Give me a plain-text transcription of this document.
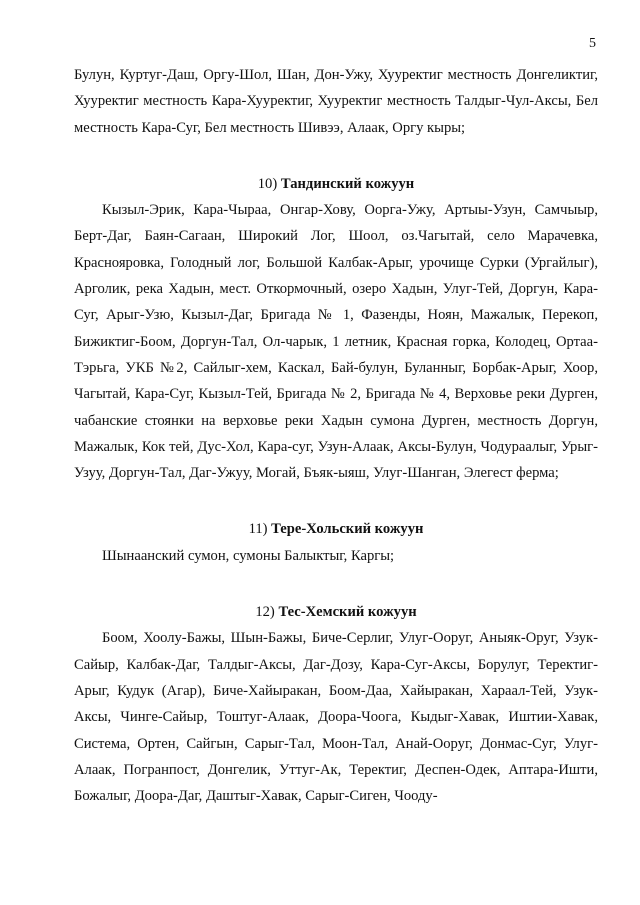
5

Булун, Куртуг-Даш, Оргу-Шол, Шан, Дон-Ужу, Хууректиг местность Донгеликтиг, Хууректиг местность Кара-Хууректиг, Хууректиг местность Талдыг-Чул-Аксы, Бел местность Кара-Суг, Бел местность Шивээ, Алаак, Оргу кыры;

10) Тандинский кожуун

Кызыл-Эрик, Кара-Чыраа, Онгар-Хову, Оорга-Ужу, Артыы-Узун, Самчыыр, Берт-Даг, Баян-Сагаан, Широкий Лог, Шоол, оз.Чагытай, село Марачевка, Краснояровка, Голодный лог, Большой Калбак-Арыг, урочище Сурки (Ургайлыг), Арголик, река Хадын, мест. Откормочный, озеро Хадын, Улуг-Тей, Доргун, Кара-Суг, Арыг-Узю, Кызыл-Даг, Бригада № 1, Фазенды, Ноян, Мажалык, Перекоп, Бижиктиг-Боом, Доргун-Тал, Ол-чарык, 1 летник, Красная горка, Колодец, Ортаа-Тэрьга, УКБ №2, Сайлыг-хем, Каскал, Бай-булун, Буланныг, Борбак-Арыг, Хоор, Чагытай, Кара-Суг, Кызыл-Тей, Бригада № 2, Бригада № 4, Верховье реки Дурген, чабанские стоянки на верховье реки Хадын сумона Дурген, местность Доргун, Мажалык, Кок тей, Дус-Хол, Кара-суг, Узун-Алаак, Аксы-Булун, Чодураалыг, Урыг-Узуу, Доргун-Тал, Даг-Ужуу, Могай, Бъяк-ыяш, Улуг-Шанган, Элегест ферма;

11) Тере-Хольский кожуун

Шынаанский сумон, сумоны Балыктыг, Каргы;

12) Тес-Хемский кожуун

Боом, Хоолу-Бажы, Шын-Бажы, Биче-Серлиг, Улуг-Ооруг, Аныяк-Оруг, Узук-Сайыр, Калбак-Даг, Талдыг-Аксы, Даг-Дозу, Кара-Суг-Аксы, Борулуг, Теректиг-Арыг, Кудук (Агар), Биче-Хайыракан, Боом-Даа, Хайыракан, Хараал-Тей, Узук-Аксы, Чинге-Сайыр, Тоштуг-Алаак, Доора-Чоога, Кыдыг-Хавак, Иштии-Хавак, Система, Ортен, Сайгын, Сарыг-Тал, Моон-Тал, Анай-Ооруг, Донмас-Суг, Улуг-Алаак, Погранпост, Донгелик, Уттуг-Ак, Теректиг, Деспен-Одек, Аптара-Ишти, Божалыг, Доора-Даг, Даштыг-Хавак, Сарыг-Сиген, Чооду-
